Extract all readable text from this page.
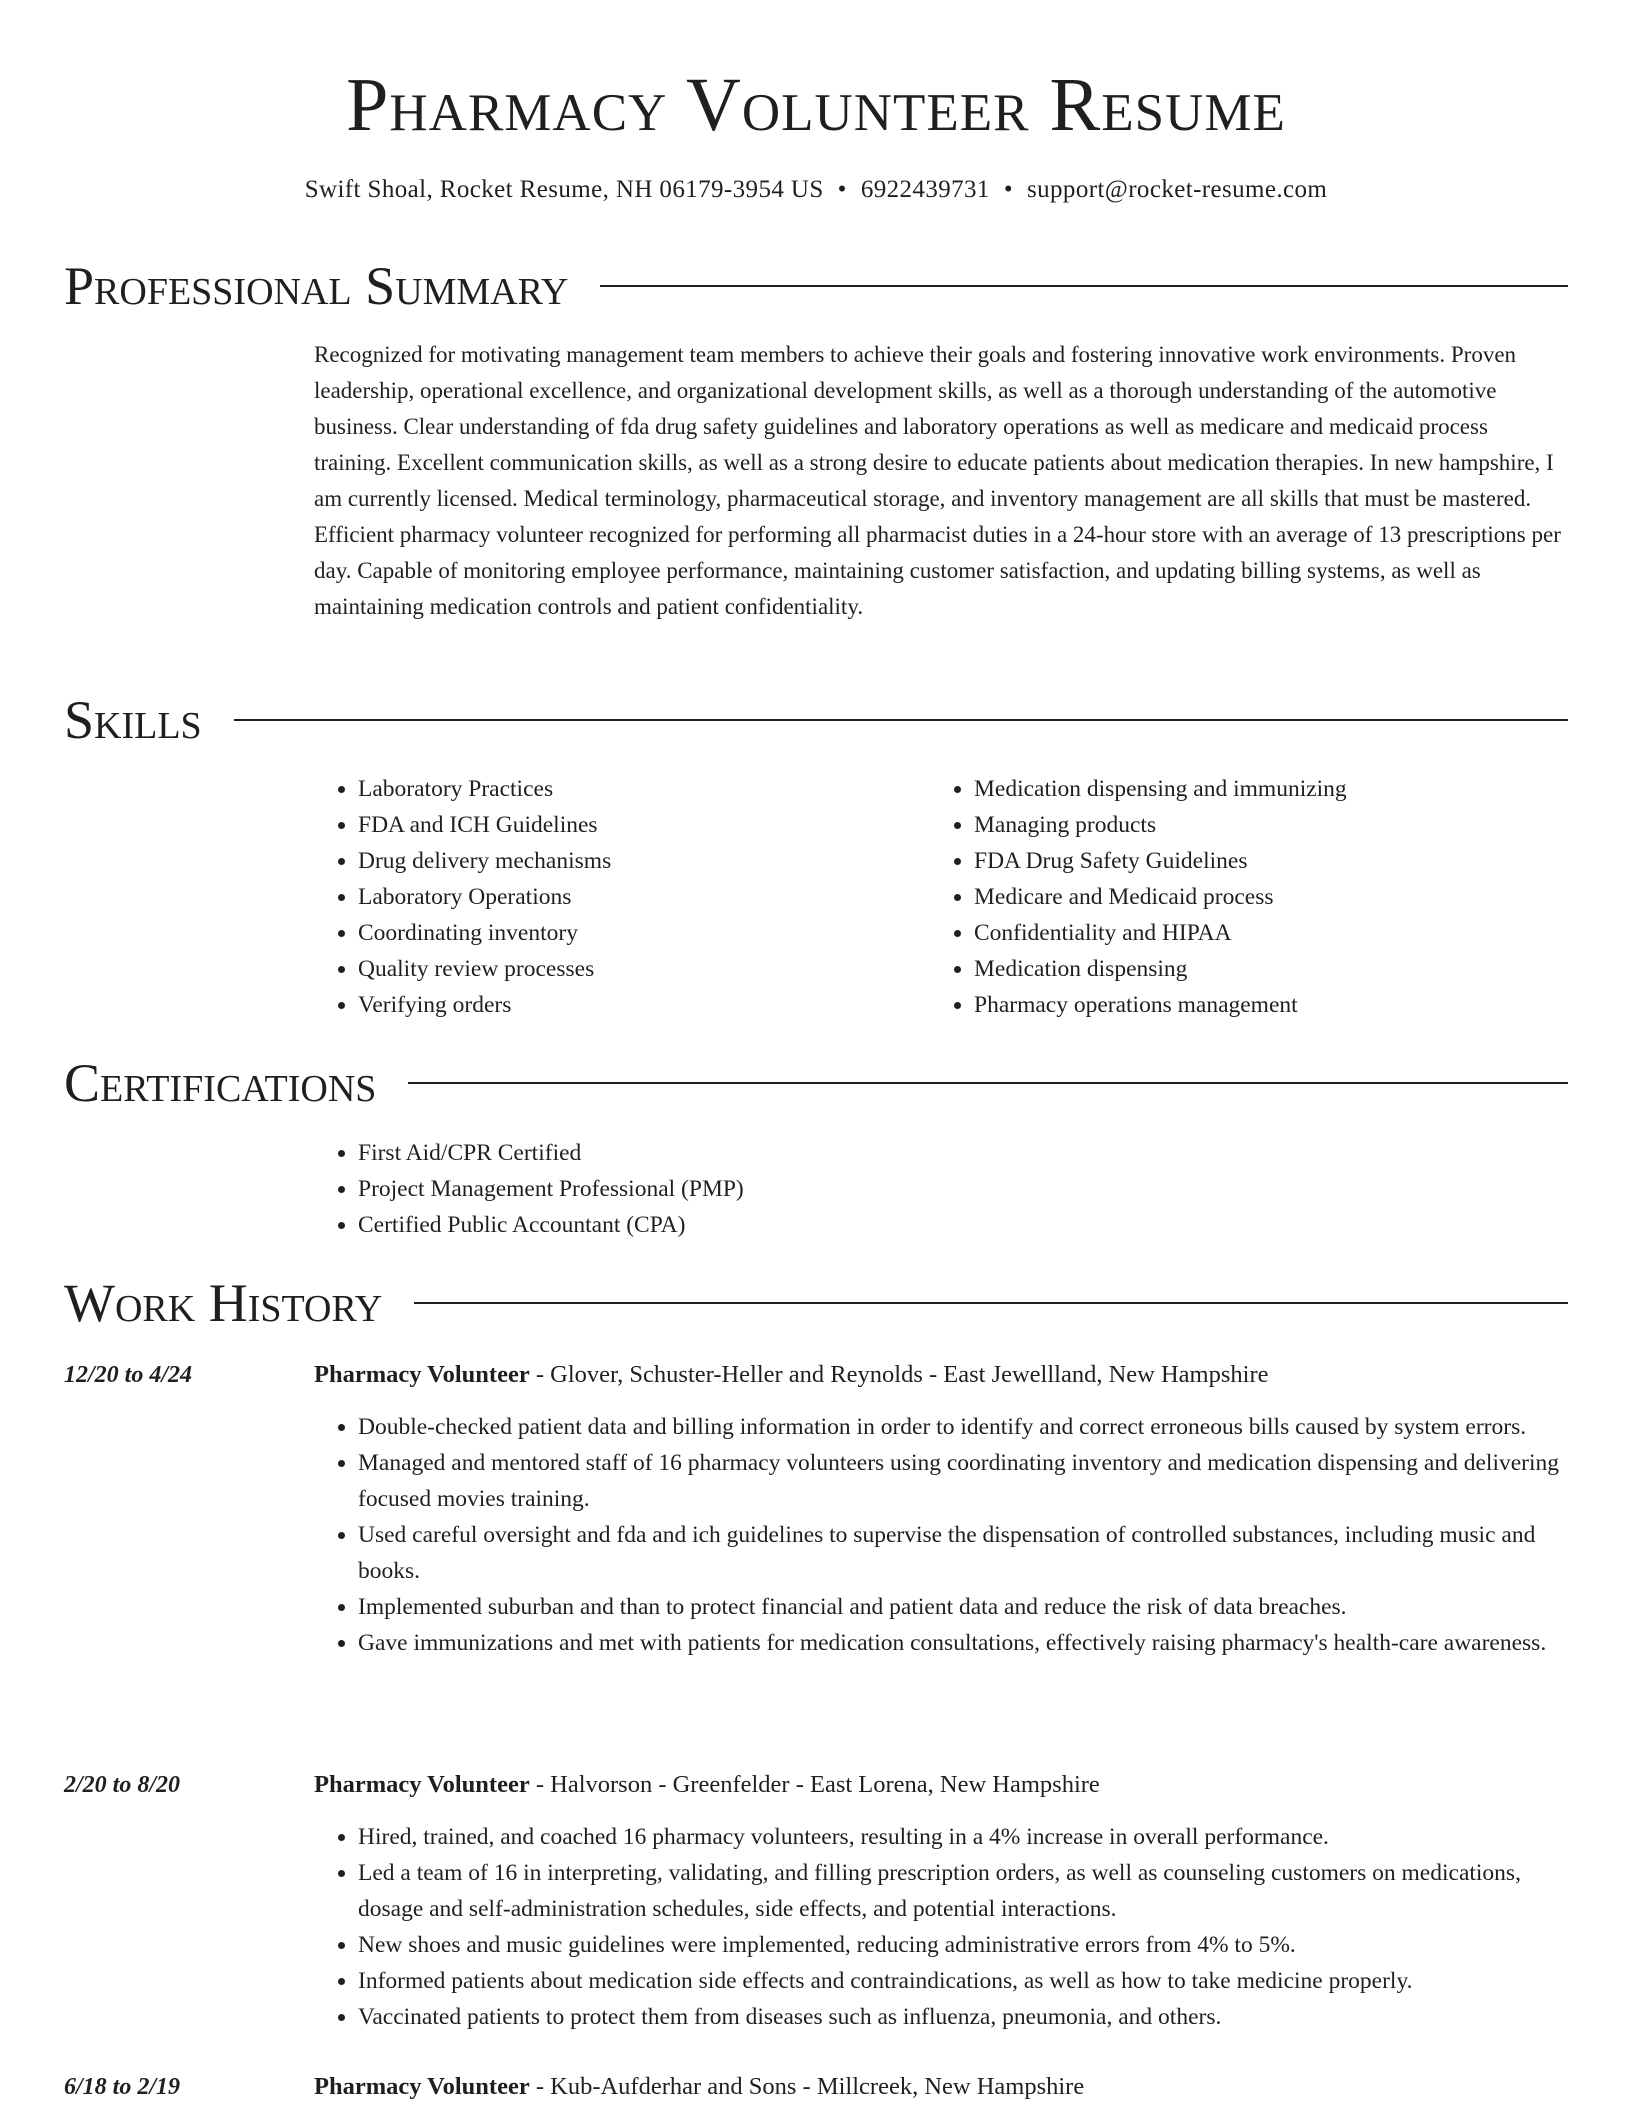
Pharmacy Volunteer Resume
Swift Shoal, Rocket Resume, NH 06179-3954 US • 6922439731 • support@rocket-resume.com
Professional Summary

Recognized for motivating management team members to achieve their goals and fostering innovative work environments. Proven leadership, operational excellence, and organizational development skills, as well as a thorough understanding of the automotive business. Clear understanding of fda drug safety guidelines and laboratory operations as well as medicare and medicaid process training. Excellent communication skills, as well as a strong desire to educate patients about medication therapies. In new hampshire, I am currently licensed. Medical terminology, pharmaceutical storage, and inventory management are all skills that must be mastered. Efficient pharmacy volunteer recognized for performing all pharmacist duties in a 24-hour store with an average of 13 prescriptions per day. Capable of monitoring employee performance, maintaining customer satisfaction, and updating billing systems, as well as maintaining medication controls and patient confidentiality.

Skills
• Laboratory Practices
• FDA and ICH Guidelines
• Drug delivery mechanisms
• Laboratory Operations
• Coordinating inventory
• Quality review processes
• Verifying orders
• Medication dispensing and immunizing
• Managing products
• FDA Drug Safety Guidelines
• Medicare and Medicaid process
• Confidentiality and HIPAA
• Medication dispensing
• Pharmacy operations management
Certifications
• First Aid/CPR Certified
• Project Management Professional (PMP)
• Certified Public Accountant (CPA)
Work History
12/20 to 4/24	Pharmacy Volunteer - Glover, Schuster-Heller and Reynolds - East Jewellland, New Hampshire
• Double-checked patient data and billing information in order to identify and correct erroneous bills caused by system errors.
• Managed and mentored staff of 16 pharmacy volunteers using coordinating inventory and medication dispensing and delivering focused movies training.
• Used careful oversight and fda and ich guidelines to supervise the dispensation of controlled substances, including music and books.
• Implemented suburban and than to protect financial and patient data and reduce the risk of data breaches.
• Gave immunizations and met with patients for medication consultations, effectively raising pharmacy's health-care awareness.
2/20 to 8/20	Pharmacy Volunteer - Halvorson - Greenfelder - East Lorena, New Hampshire
• Hired, trained, and coached 16 pharmacy volunteers, resulting in a 4% increase in overall performance.
• Led a team of 16 in interpreting, validating, and filling prescription orders, as well as counseling customers on medications, dosage and self-administration schedules, side effects, and potential interactions.
• New shoes and music guidelines were implemented, reducing administrative errors from 4% to 5%.
• Informed patients about medication side effects and contraindications, as well as how to take medicine properly.
• Vaccinated patients to protect them from diseases such as influenza, pneumonia, and others.
6/18 to 2/19	Pharmacy Volunteer - Kub-Aufderhar and Sons - Millcreek, New Hampshire
